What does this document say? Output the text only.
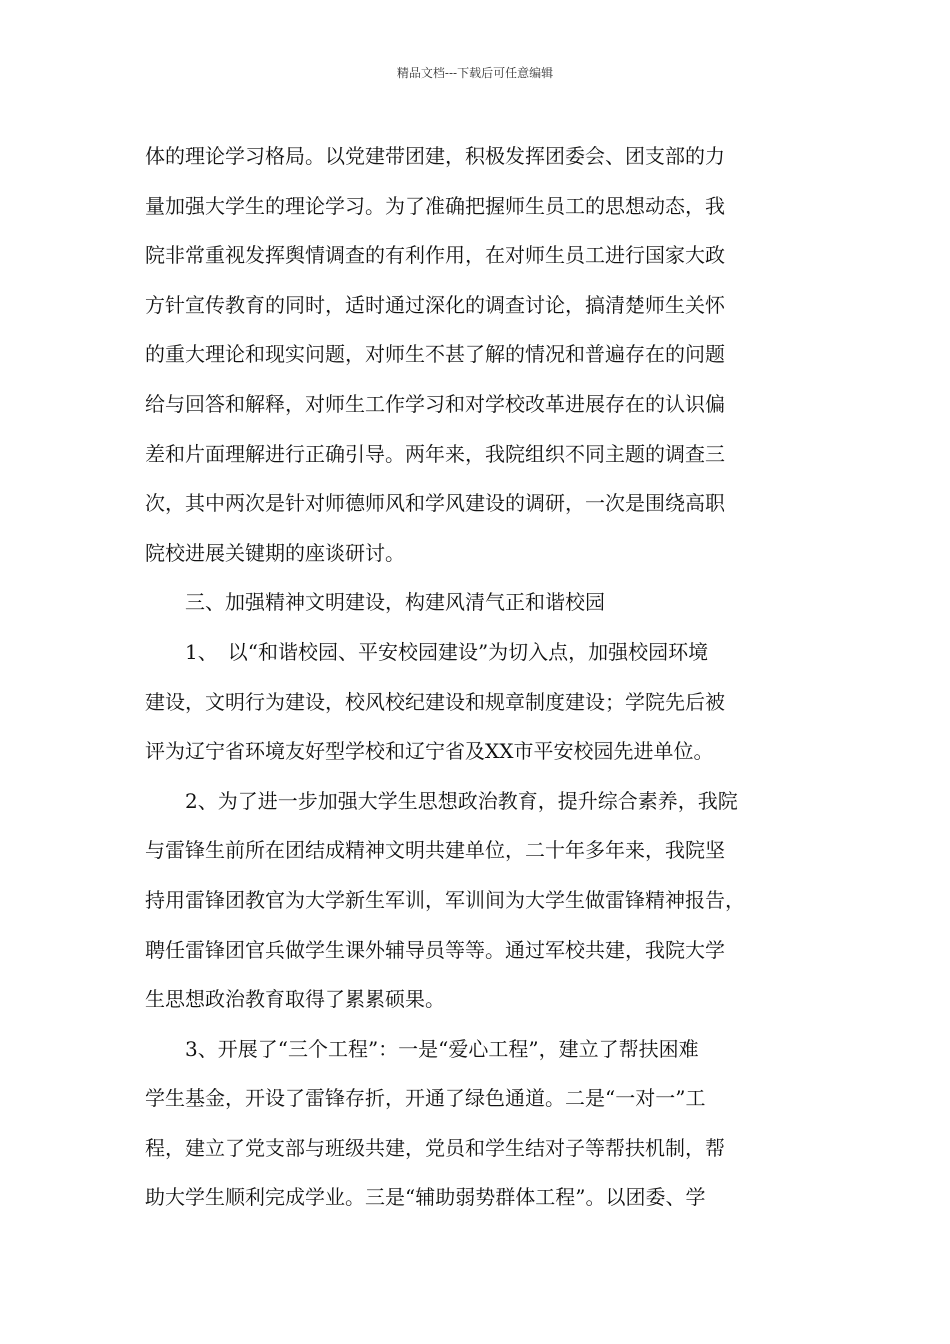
精品文档---下载后可任意编辑
体的理论学习格局。以党建带团建，积极发挥团委会、团支部的力
量加强大学生的理论学习。为了准确把握师生员工的思想动态，我
院非常重视发挥舆情调查的有利作用，在对师生员工进行国家大政
方针宣传教育的同时，适时通过深化的调查讨论，搞清楚师生关怀
的重大理论和现实问题，对师生不甚了解的情况和普遍存在的问题
给与回答和解释，对师生工作学习和对学校改革进展存在的认识偏
差和片面理解进行正确引导。两年来，我院组织不同主题的调查三
次，其中两次是针对师德师风和学风建设的调研，一次是围绕高职
院校进展关键期的座谈研讨。
　　三、加强精神文明建设，构建风清气正和谐校园
　　1、　以“和谐校园、平安校园建设”为切入点，加强校园环境
建设，文明行为建设，校风校纪建设和规章制度建设；学院先后被
评为辽宁省环境友好型学校和辽宁省及XX市平安校园先进单位。
　　2、为了进一步加强大学生思想政治教育，提升综合素养，我院
与雷锋生前所在团结成精神文明共建单位，二十年多年来，我院坚
持用雷锋团教官为大学新生军训，军训间为大学生做雷锋精神报告，
聘任雷锋团官兵做学生课外辅导员等等。通过军校共建，我院大学
生思想政治教育取得了累累硕果。
　　3、开展了“三个工程”：一是“爱心工程”，建立了帮扶困难
学生基金，开设了雷锋存折，开通了绿色通道。二是“一对一”工
程，建立了党支部与班级共建，党员和学生结对子等帮扶机制，帮
助大学生顺利完成学业。三是“辅助弱势群体工程”。以团委、学
